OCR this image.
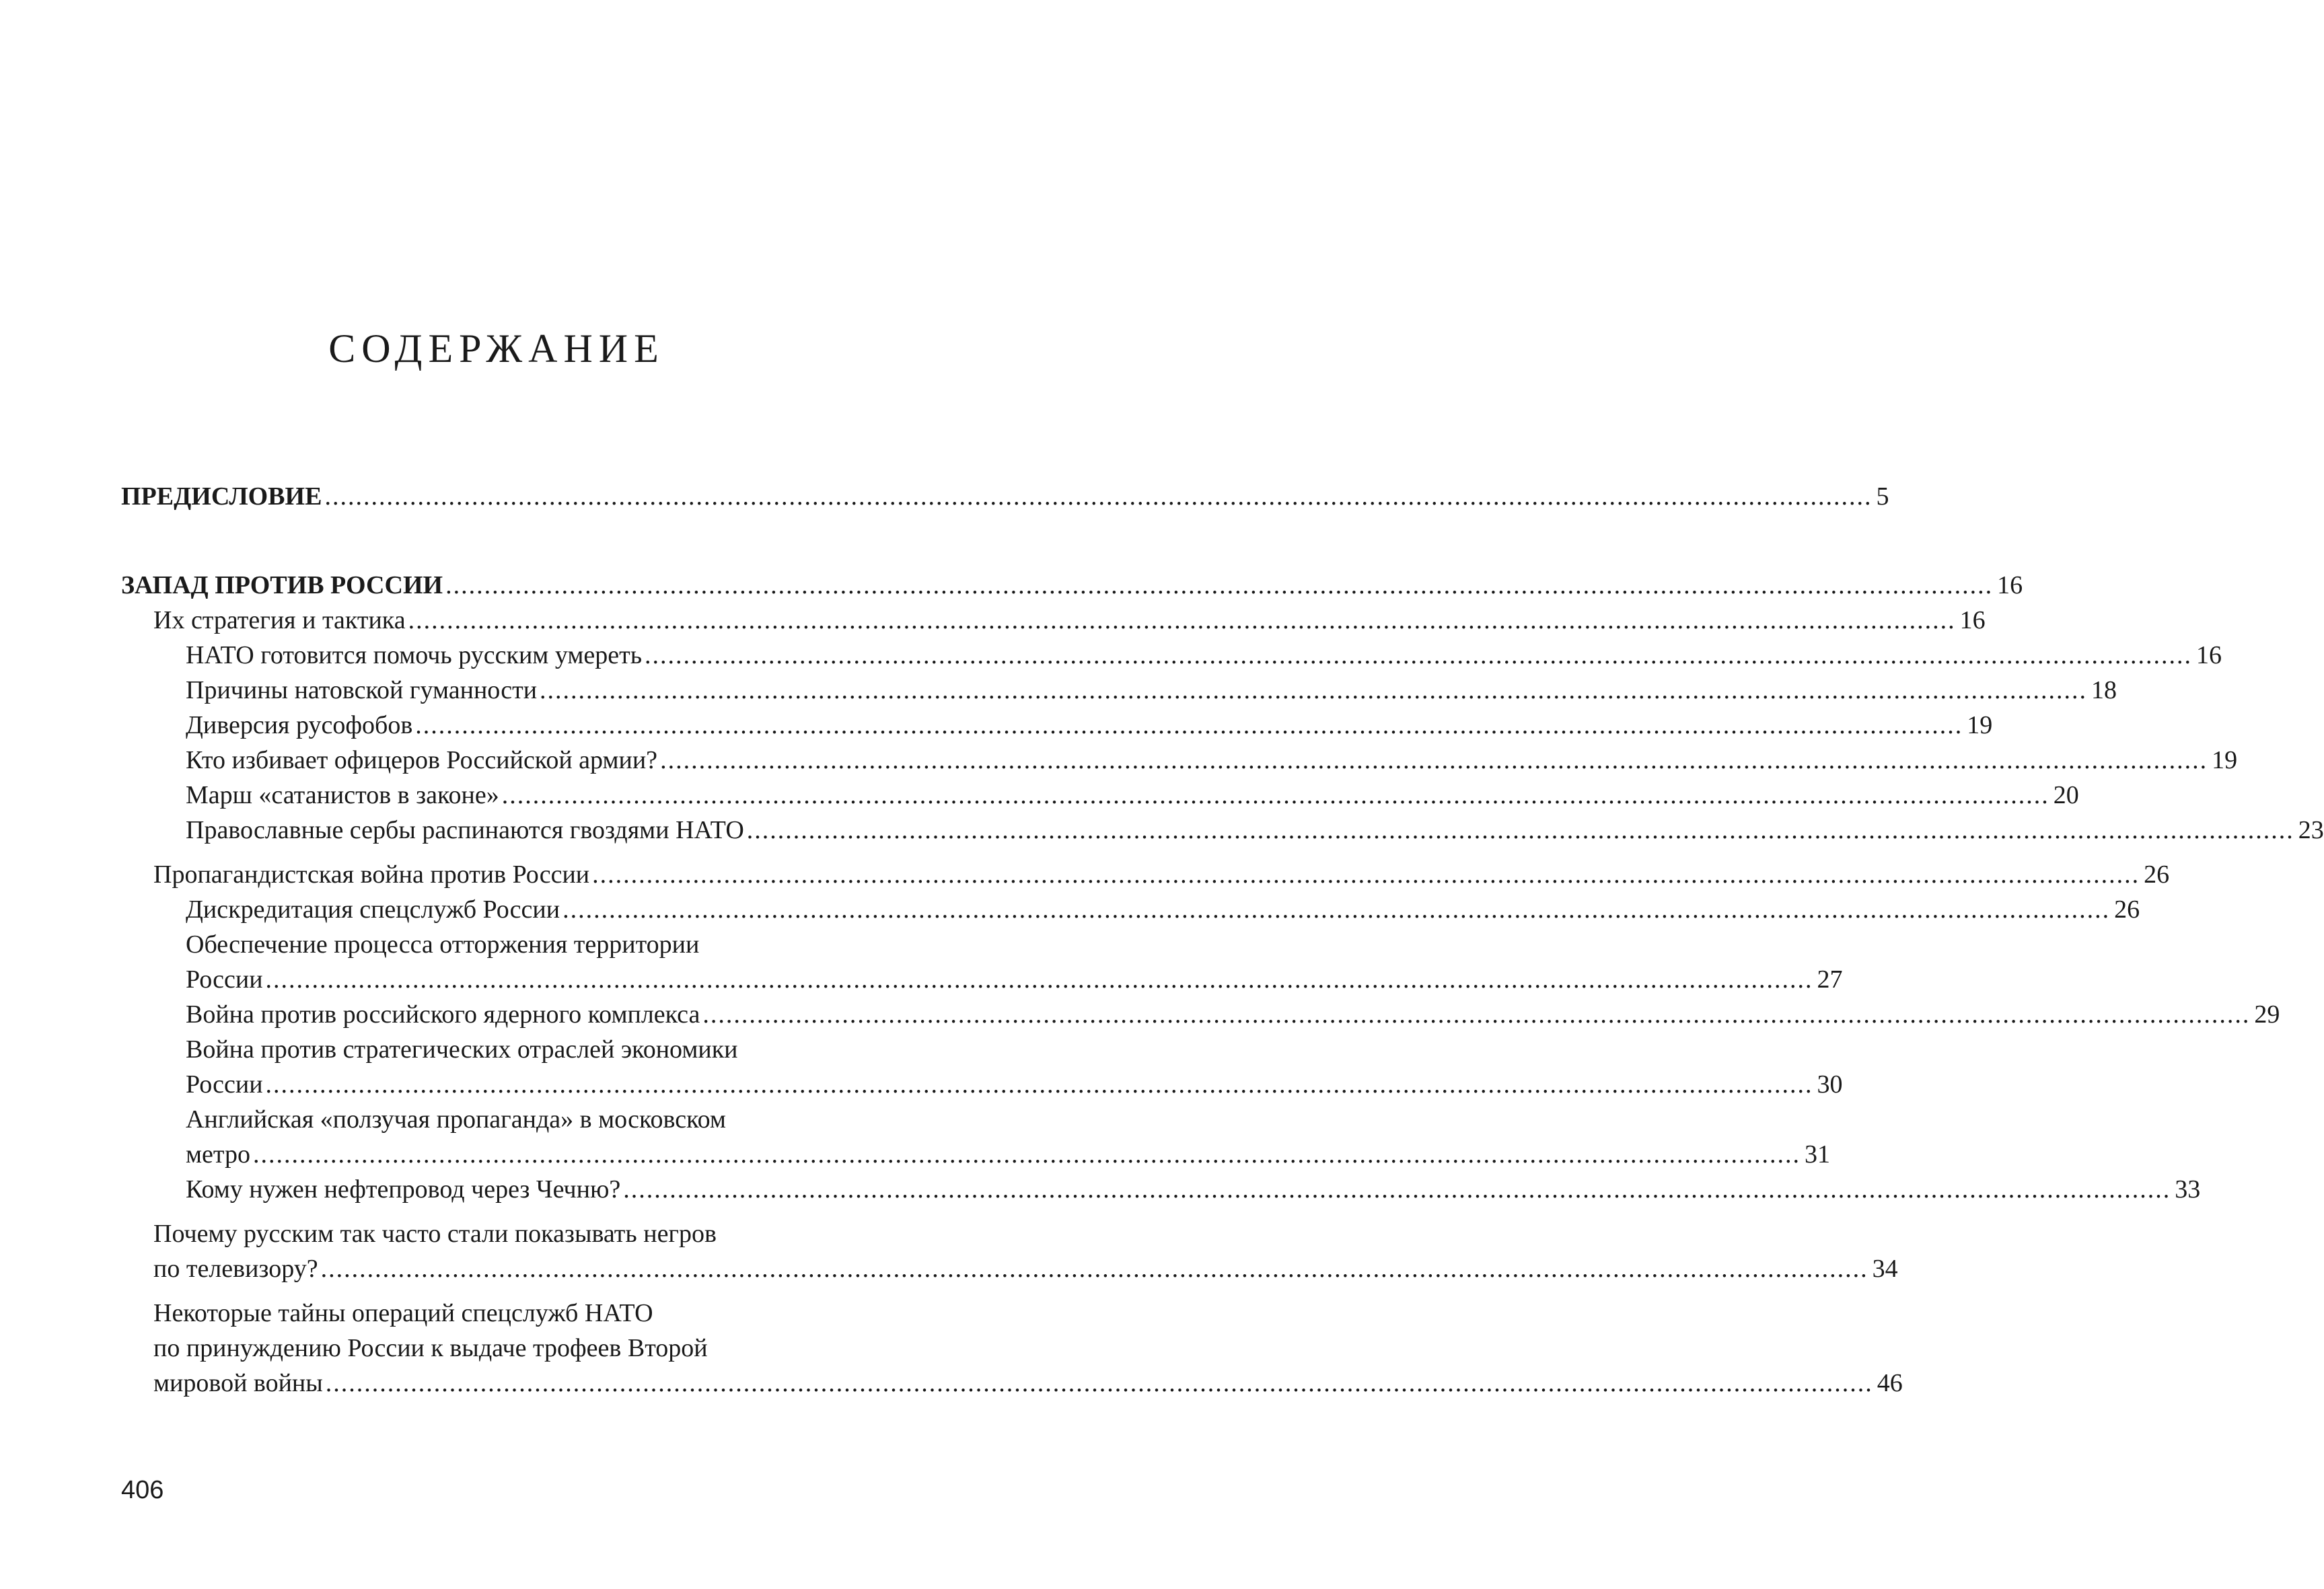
СОДЕРЖАНИЕ
ПРЕДИСЛОВИЕ ........................................................................................................................................................................................................ 5
ЗАПАД ПРОТИВ РОССИИ ........................................................................................................................................................................................................ 16
Их стратегия и тактика ........................................................................................................................................................................................................ 16
НАТО готовится помочь русским умереть ........................................................................................................................................................................................................ 16
Причины натовской гуманности ........................................................................................................................................................................................................ 18
Диверсия русофобов ........................................................................................................................................................................................................ 19
Кто избивает офицеров Российской армии? ........................................................................................................................................................................................................ 19
Марш «сатанистов в законе» ........................................................................................................................................................................................................ 20
Православные сербы распинаются гвоздями НАТО ........................................................................................................................................................................................................ 23
Пропагандистская война против России ........................................................................................................................................................................................................ 26
Дискредитация спецслужб России ........................................................................................................................................................................................................ 26
Обеспечение процесса отторжения территории
России ........................................................................................................................................................................................................ 27
Война против российского ядерного комплекса ........................................................................................................................................................................................................ 29
Война против стратегических отраслей экономики
России ........................................................................................................................................................................................................ 30
Английская «ползучая пропаганда» в московском
метро ........................................................................................................................................................................................................ 31
Кому нужен нефтепровод через Чечню? ........................................................................................................................................................................................................ 33
Почему русским так часто стали показывать негров
по телевизору? ........................................................................................................................................................................................................ 34
Некоторые тайны операций спецслужб НАТО
по принуждению России к выдаче трофеев Второй
мировой войны ........................................................................................................................................................................................................ 46
406
